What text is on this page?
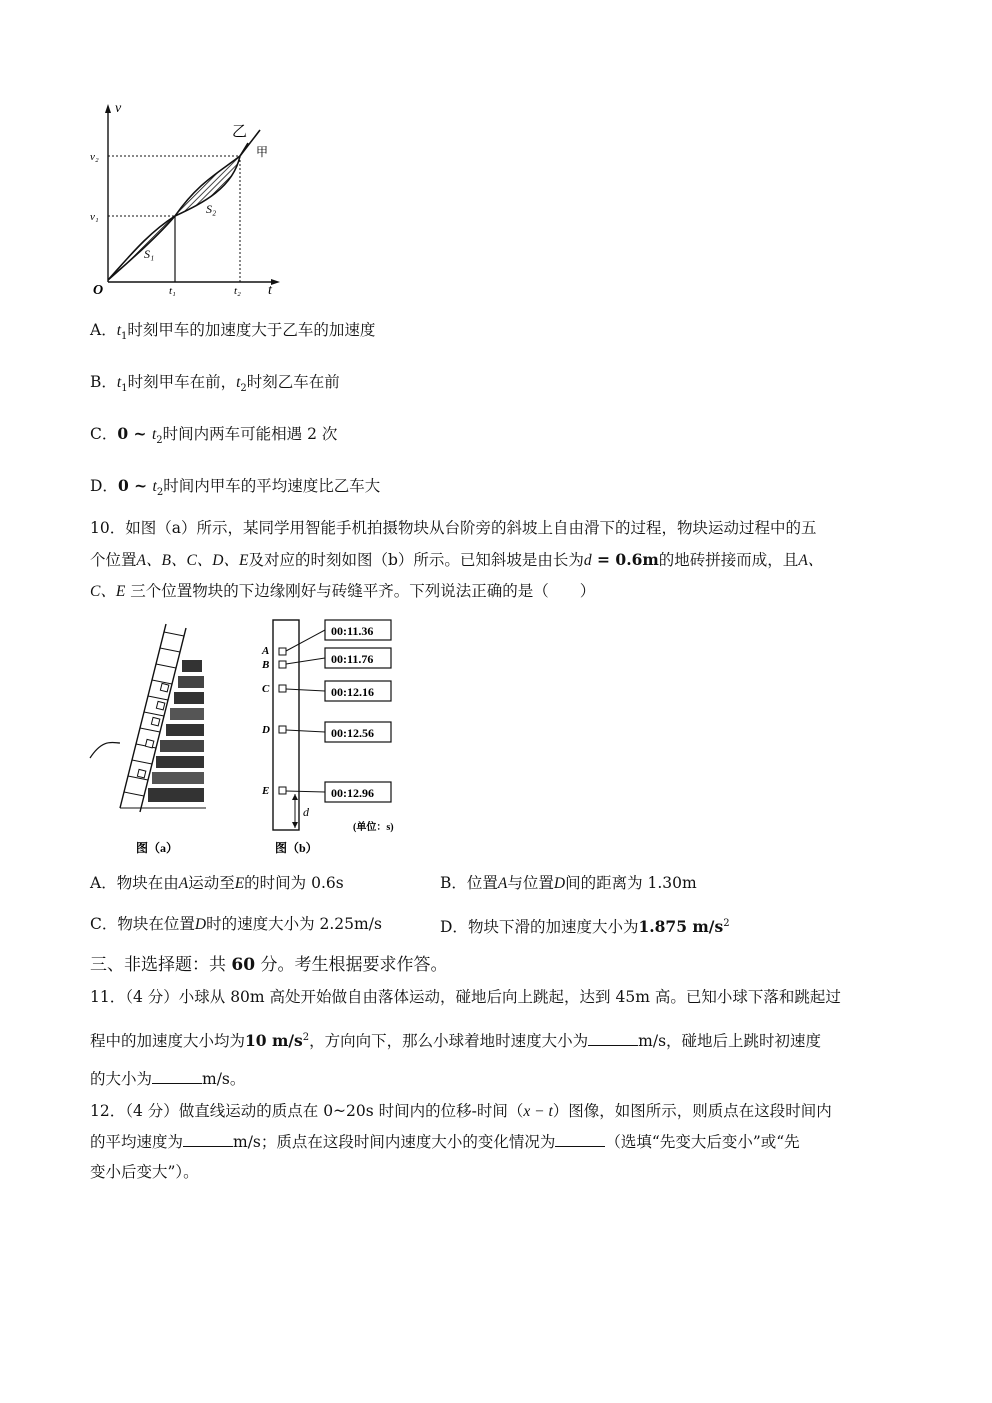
v
t
O
v₁
v₂
t₁	t₂
S₁
S₂
乙
甲
A．$t_1$时刻甲车的加速度大于乙车的加速度
B．$t_1$时刻甲车在前，$t_2$时刻乙车在前
C．0 ~ $t_2$时间内两车可能相遇 2 次
D．0 ~ $t_2$时间内甲车的平均速度比乙车大
10．如图（a）所示，某同学用智能手机拍摄物块从台阶旁的斜坡上自由滑下的过程，物块运动过程中的五
个位置A、B、C、D、E及对应的时刻如图（b）所示。已知斜坡是由长为d = 0.6m的地砖拼接而成，且A、
C、E 三个位置物块的下边缘刚好与砖缝平齐。下列说法正确的是（　　）
图（a）
00:11.36
00:11.76
00:12.16
00:12.56
00:12.96
A
B
C
D
E
d
(单位：s)
图（b）
A．物块在由A运动至E的时间为 0.6s	B．位置A与位置D间的距离为 1.30m
C．物块在位置D时的速度大小为 2.25m/s	D．物块下滑的加速度大小为1.875 $m/s^2$
三、非选择题：共 60 分。考生根据要求作答。
11．（4 分）小球从 80m 高处开始做自由落体运动，碰地后向上跳起，达到 45m 高。已知小球下落和跳起过
程中的加速度大小均为10 $m/s^2$，方向向下，那么小球着地时速度大小为	m/s，碰地后上跳时初速度
的大小为	m/s。
12．（4 分）做直线运动的质点在 0~20s 时间内的位移-时间（x − t）图像，如图所示，则质点在这段时间内
的平均速度为	m/s；质点在这段时间内速度大小的变化情况为	（选填“先变大后变小”或“先
变小后变大”）。
